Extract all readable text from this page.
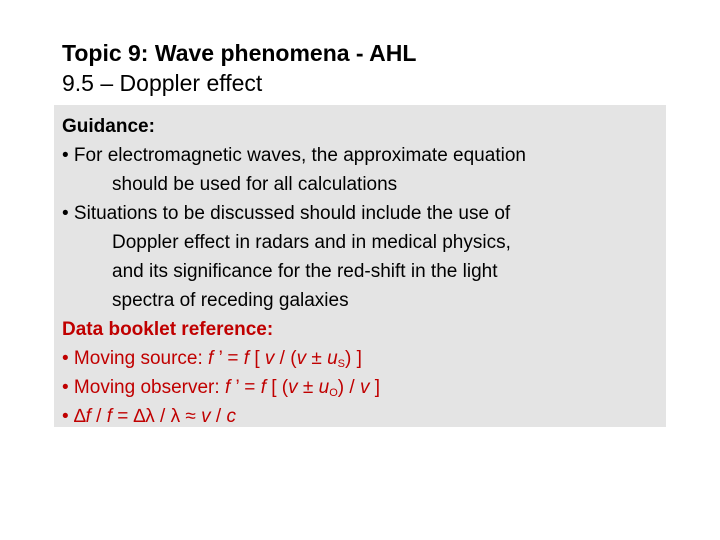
Topic 9: Wave phenomena - AHL
9.5 – Doppler effect
Guidance:
• For electromagnetic waves, the approximate equation
should be used for all calculations
• Situations to be discussed should include the use of
Doppler effect in radars and in medical physics,
and its significance for the red-shift in the light
spectra of receding galaxies
Data booklet reference:
• Moving source: f ’ = f [ $v / (v \pm u_S)$ ]
• Moving observer: f ’ = f [ $(v \pm u_O) / v$ ]
• ∆f / f = ∆λ / λ ≈ v / c
